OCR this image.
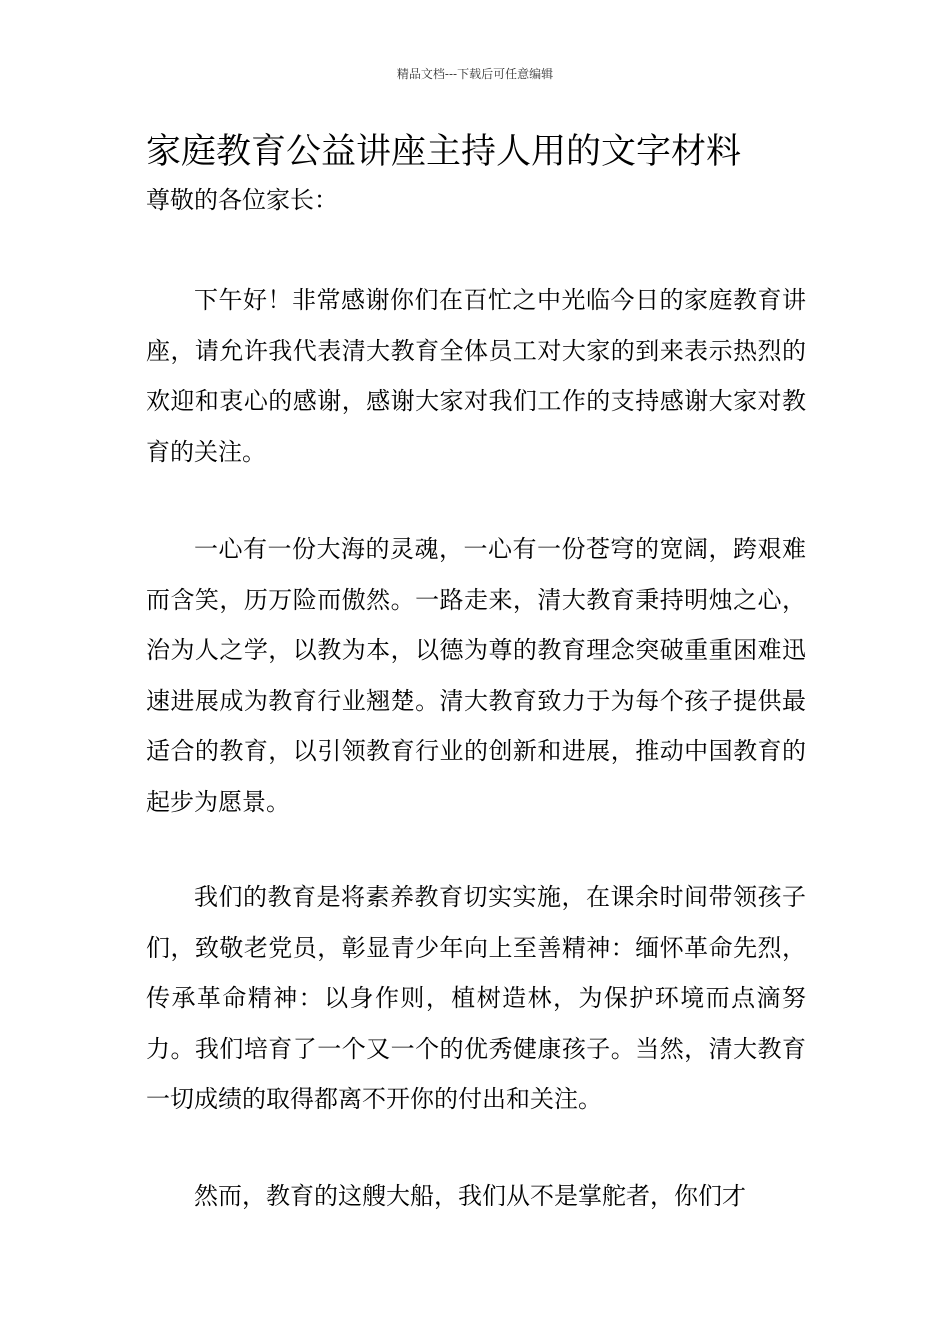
精品文档---下载后可任意编辑
家庭教育公益讲座主持人用的文字材料

尊敬的各位家长：

下午好！非常感谢你们在百忙之中光临今日的家庭教育讲座，请允许我代表清大教育全体员工对大家的到来表示热烈的欢迎和衷心的感谢，感谢大家对我们工作的支持感谢大家对教育的关注。

一心有一份大海的灵魂，一心有一份苍穹的宽阔，跨艰难而含笑，历万险而傲然。一路走来，清大教育秉持明烛之心，治为人之学，以教为本，以德为尊的教育理念突破重重困难迅速进展成为教育行业翘楚。清大教育致力于为每个孩子提供最适合的教育，以引领教育行业的创新和进展，推动中国教育的起步为愿景。

我们的教育是将素养教育切实实施，在课余时间带领孩子们，致敬老党员，彰显青少年向上至善精神：缅怀革命先烈，传承革命精神：以身作则，植树造林，为保护环境而点滴努力。我们培育了一个又一个的优秀健康孩子。当然，清大教育一切成绩的取得都离不开你的付出和关注。

然而，教育的这艘大船，我们从不是掌舵者，你们才
